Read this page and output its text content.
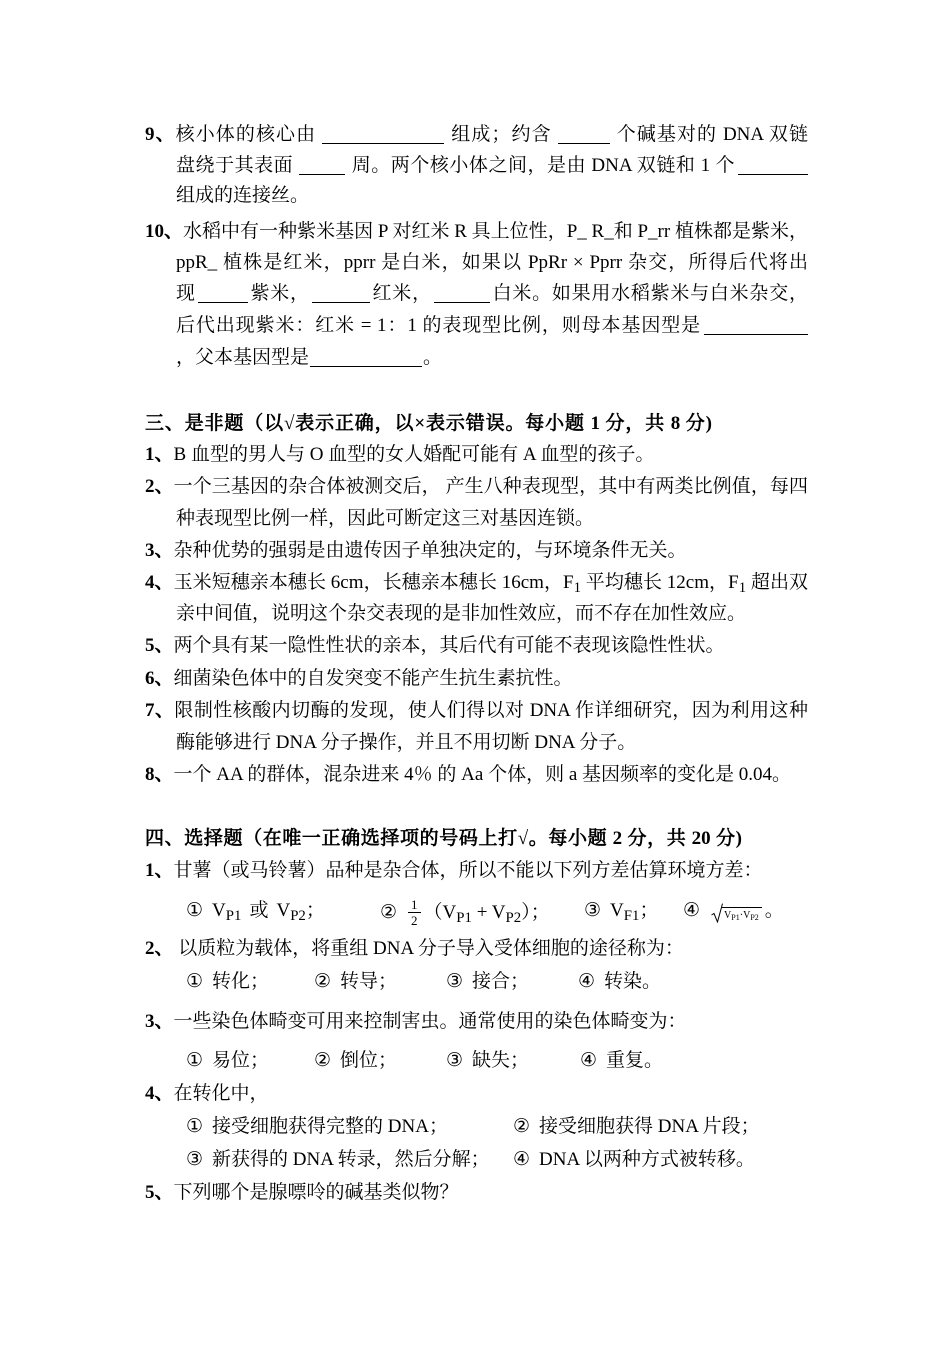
9、核小体的核心由	组成；约含	个碱基对的 DNA 双链
盘绕于其表面	周。两个核小体之间，是由 DNA 双链和 1 个
组成的连接丝。
10、水稻中有一种紫米基因 P 对红米 R 具上位性，P_ R_和 P_rr 植株都是紫米，
ppR_ 植株是红米，pprr 是白米，如果以 PpRr × Pprr 杂交，所得后代将出
现	紫米，	红米，	白米。如果用水稻紫米与白米杂交，
后代出现紫米：红米 = 1：1 的表现型比例，则母本基因型是
，父本基因型是	。
三、是非题（以√表示正确，以×表示错误。每小题 1 分，共 8 分)
1、B 血型的男人与 O 血型的女人婚配可能有 A 血型的孩子。
2、一个三基因的杂合体被测交后， 产生八种表现型，其中有两类比例值，每四
种表现型比例一样，因此可断定这三对基因连锁。
3、杂种优势的强弱是由遗传因子单独决定的，与环境条件无关。
4、玉米短穗亲本穗长 6cm，长穗亲本穗长 16cm，$F_1$ 平均穗长 12cm，$F_1$ 超出双
亲中间值，说明这个杂交表现的是非加性效应，而不存在加性效应。
5、两个具有某一隐性性状的亲本，其后代有可能不表现该隐性性状。
6、细菌染色体中的自发突变不能产生抗生素抗性。
7、限制性核酸内切酶的发现，使人们得以对 DNA 作详细研究，因为利用这种
酶能够进行 DNA 分子操作，并且不用切断 DNA 分子。
8、一个 AA 的群体，混杂进来 4％ 的 Aa 个体，则 a 基因频率的变化是 0.04。
四、选择题（在唯一正确选择项的号码上打√。每小题 2 分，共 20 分)
1、甘薯（或马铃薯）品种是杂合体，所以不能以下列方差估算环境方差：
① $V_{P1}$ 或 $V_{P2}$；	② $\frac{1}{2} (V_{P1} + V_{P2})$； ③ $V_{F1}$； ④ $V_{P1}\cdot V_{P2}$ 。
2、 以质粒为载体，将重组 DNA 分子导入受体细胞的途径称为：
① 转化； ② 转导；	③ 接合；	④ 转染。
3、一些染色体畸变可用来控制害虫。通常使用的染色体畸变为：
① 易位； ② 倒位；	③ 缺失；	④ 重复。
4、在转化中，
① 接受细胞获得完整的 DNA；	② 接受细胞获得 DNA 片段；
③ 新获得的 DNA 转录，然后分解； ④ DNA 以两种方式被转移。
5、下列哪个是腺嘌呤的碱基类似物？
